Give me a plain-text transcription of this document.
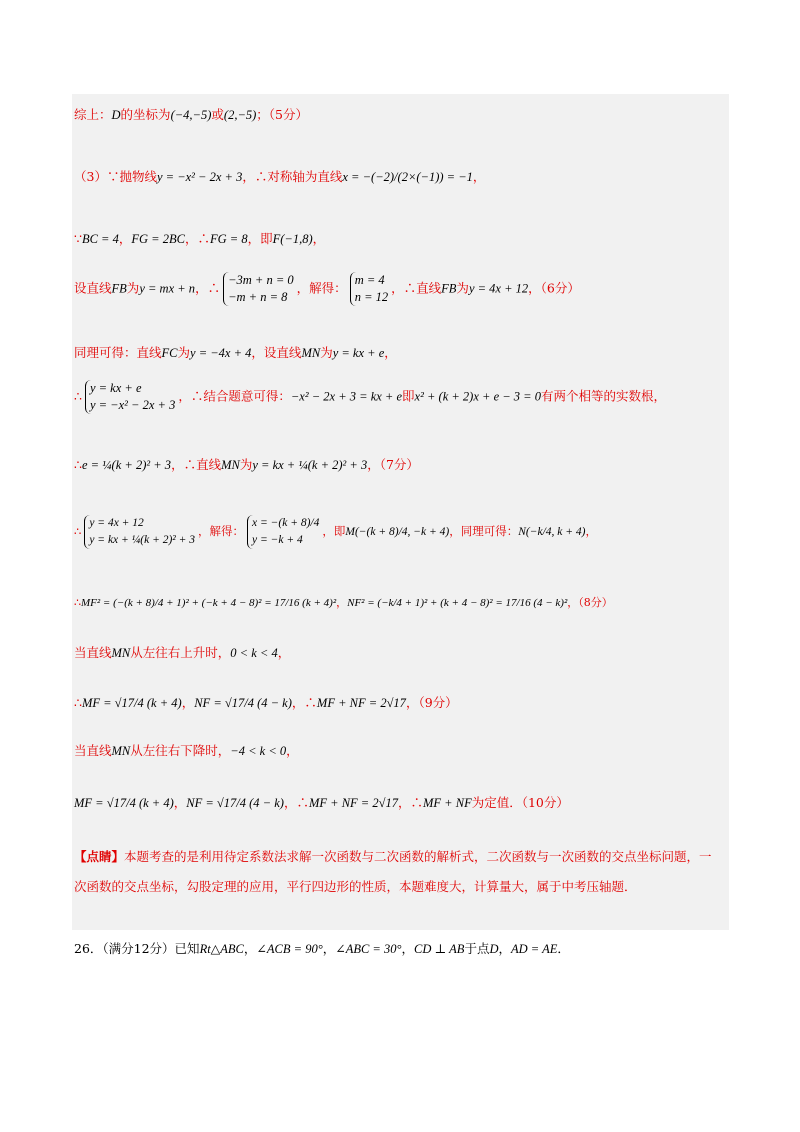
综上：D的坐标为(−4,−5)或(2,−5)；（5分）
（3）∵抛物线y = −x² − 2x + 3，∴对称轴为直线x = −(−2)/(2×(−1)) = −1，
∵BC = 4，FG = 2BC，∴FG = 8，即F(−1,8)，
设直线FB为y = mx + n，∴
−3m + n = 0
−m + n = 8
，解得：
m = 4
n = 12
，∴直线FB为y = 4x + 12，（6分）
同理可得：直线FC为y = −4x + 4，设直线MN为y = kx + e，
∴
y = kx + e
y = −x² − 2x + 3
，∴结合题意可得：−x² − 2x + 3 = kx + e即x² + (k + 2)x + e − 3 = 0有两个相等的实数根，
∴e = ¼(k + 2)² + 3，∴直线MN为y = kx + ¼(k + 2)² + 3，（7分）
∴
y = 4x + 12
y = kx + ¼(k + 2)² + 3
，解得：
x = −(k + 8)/4
y = −k + 4
，即M(−(k + 8)/4, −k + 4)，同理可得：N(−k/4, k + 4)，
∴MF² = (−(k + 8)/4 + 1)² + (−k + 4 − 8)² = 17/16 (k + 4)²，NF² = (−k/4 + 1)² + (k + 4 − 8)² = 17/16 (4 − k)²，（8分）
当直线MN从左往右上升时，0 < k < 4，
∴MF = √17/4 (k + 4)，NF = √17/4 (4 − k)，∴MF + NF = 2√17，（9分）
当直线MN从左往右下降时，−4 < k < 0，
MF = √17/4 (k + 4)，NF = √17/4 (4 − k)，∴MF + NF = 2√17，∴MF + NF为定值．（10分）
【点睛】本题考查的是利用待定系数法求解一次函数与二次函数的解析式，二次函数与一次函数的交点坐标问题，一次函数的交点坐标，勾股定理的应用，平行四边形的性质，本题难度大，计算量大，属于中考压轴题．
26．（满分12分）已知Rt△ABC，∠ACB = 90°，∠ABC = 30°，CD ⊥ AB于点D，AD = AE．
